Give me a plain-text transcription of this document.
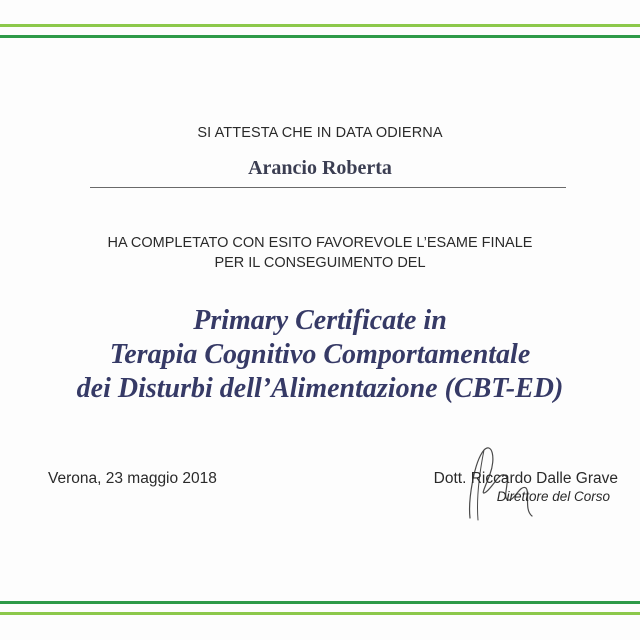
SI ATTESTA CHE IN DATA ODIERNA
Arancio Roberta
HA COMPLETATO CON ESITO FAVOREVOLE L’ESAME FINALE
PER IL CONSEGUIMENTO DEL
Primary Certificate in
Terapia Cognitivo Comportamentale
dei Disturbi dell’Alimentazione (CBT-ED)
Verona, 23 maggio 2018	Dott. Riccardo Dalle Grave
Direttore del Corso
